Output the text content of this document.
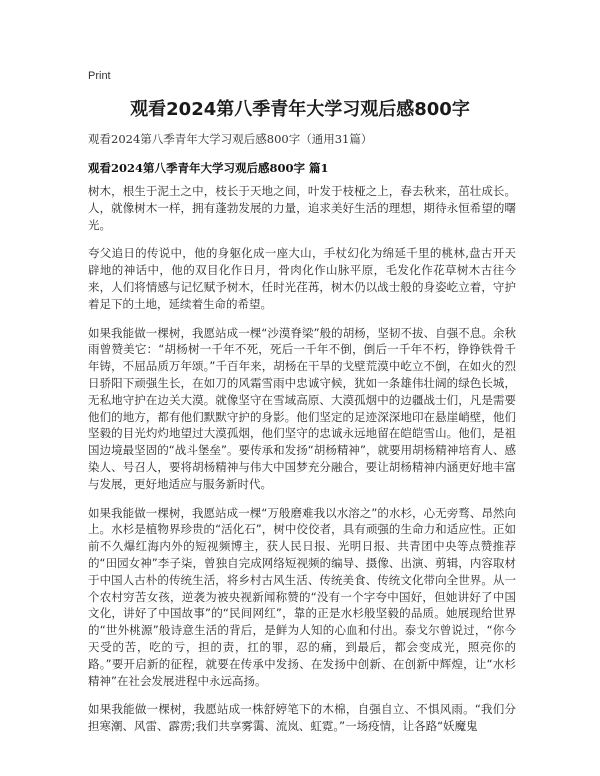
Print
观看2024第八季青年大学习观后感800字
观看2024第八季青年大学习观后感800字（通用31篇）
观看2024第八季青年大学习观后感800字 篇1

树木，根生于泥土之中，枝长于天地之间，叶发于枝桠之上，春去秋来，茁壮成长。人，就像树木一样，拥有蓬勃发展的力量，追求美好生活的理想，期待永恒希望的曙光。

夸父追日的传说中，他的身躯化成一座大山，手杖幻化为绵延千里的桃林,盘古开天辟地的神话中，他的双目化作日月，骨肉化作山脉平原，毛发化作花草树木古往今来，人们将情感与记忆赋予树木，任时光荏苒，树木仍以战士般的身姿屹立着，守护着足下的土地，延续着生命的希望。

如果我能做一棵树，我愿站成一棵“沙漠脊梁”般的胡杨，坚韧不拔、自强不息。余秋雨曾赞美它：“胡杨树一千年不死，死后一千年不倒，倒后一千年不朽，铮铮铁骨千年铸，不屈品质万年颂。”千百年来，胡杨在干旱的戈壁荒漠中屹立不倒，在如火的烈日骄阳下顽强生长，在如刀的风霜雪雨中忠诚守候，犹如一条雄伟壮阔的绿色长城，无私地守护在边关大漠。就像坚守在雪域高原、大漠孤烟中的边疆战士们，凡是需要他们的地方，都有他们默默守护的身影。他们坚定的足迹深深地印在悬崖峭壁，他们坚毅的目光灼灼地望过大漠孤烟，他们坚守的忠诚永远地留在皑皑雪山。他们，是祖国边境最坚固的“战斗堡垒”。要传承和发扬“胡杨精神”，就要用胡杨精神培育人、感染人、号召人，要将胡杨精神与伟大中国梦充分融合，要让胡杨精神内涵更好地丰富与发展，更好地适应与服务新时代。

如果我能做一棵树，我愿站成一棵“万般磨难我以水溶之”的水杉，心无旁骛、昂然向上。水杉是植物界珍贵的“活化石”，树中佼佼者，具有顽强的生命力和适应性。正如前不久爆红海内外的短视频博主，获人民日报、光明日报、共青团中央等点赞推荐的“田园女神”李子柒，曾独自完成网络短视频的编导、摄像、出演、剪辑，内容取材于中国人古朴的传统生活，将乡村古风生活、传统美食、传统文化带向全世界。从一个农村穷苦女孩，逆袭为被央视新闻称赞的“没有一个字夸中国好，但她讲好了中国文化，讲好了中国故事”的“民间网红”，靠的正是水杉般坚毅的品质。她展现给世界的“世外桃源”般诗意生活的背后，是鲜为人知的心血和付出。泰戈尔曾说过，“你今天受的苦，吃的亏，担的责，扛的罪，忍的痛，到最后，都会变成光，照亮你的路。”要开启新的征程，就要在传承中发扬、在发扬中创新、在创新中辉煌，让“水杉精神”在社会发展进程中永远高扬。

如果我能做一棵树，我愿站成一株舒婷笔下的木棉，自强自立、不惧风雨。“我们分担寒潮、风雷、霹雳;我们共享雾霭、流岚、虹霓。”一场疫情，让各路“妖魔鬼
